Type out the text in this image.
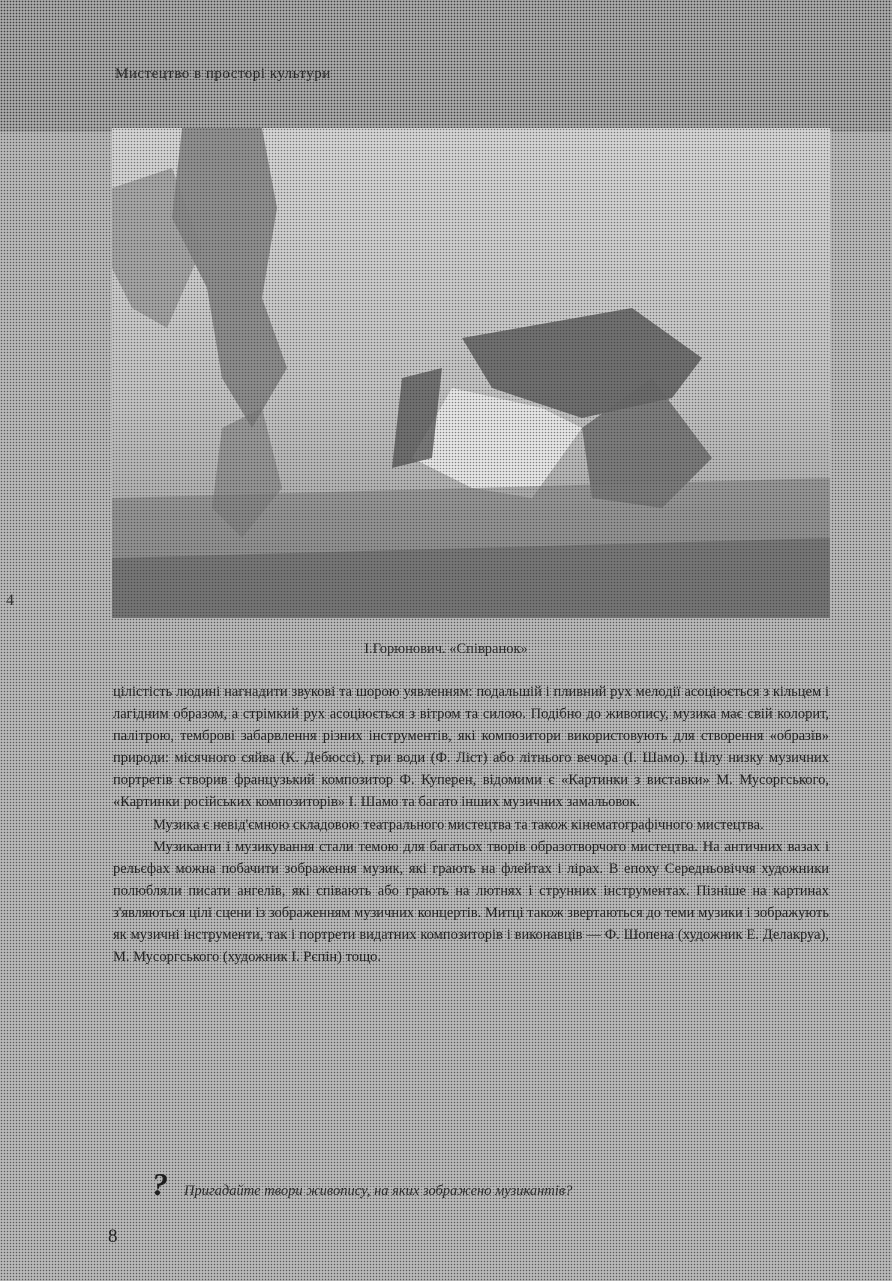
Мистецтво в просторі культури
4
І.Горюнович. «Співранок»

цілістість людині нагнадити звукові та шорою уявленням: подальшій і пливний рух мелодії асоціюється з кільцем і лагідним образом, а стрімкий рух асоціюється з вітром та силою. Подібно до живопису, музика має свій колорит, палітрою, темброві забарвлення різних інструментів, які композитори використовують для створення «образів» природи: місячного сяйва (К. Дебюссі), гри води (Ф. Ліст) або літнього вечора (І. Шамо). Цілу низку музичних портретів створив французький композитор Ф. Куперен, відомими є «Картинки з виставки» М. Мусоргського, «Картинки російських композиторів» І. Шамо та багато інших музичних замальовок.

Музика є невід'ємною складовою театрального мистецтва та також кінематографічного мистецтва.

Музиканти і музикування стали темою для багатьох творів образотворчого мистецтва. На античних вазах і рельєфах можна побачити зображення музик, які грають на флейтах і лірах. В епоху Середньовіччя художники полюбляли писати ангелів, які співають або грають на лютнях і струнних інструментах. Пізніше на картинах з'являються цілі сцени із зображенням музичних концертів. Митці також звертаються до теми музики і зображують як музичні інструменти, так і портрети видатних композиторів і виконавців — Ф. Шопена (художник Е. Делакруа), М. Мусоргського (художник І. Рєпін) тощо.

? Пригадайте твори живопису, на яких зображено музикантів?
8
